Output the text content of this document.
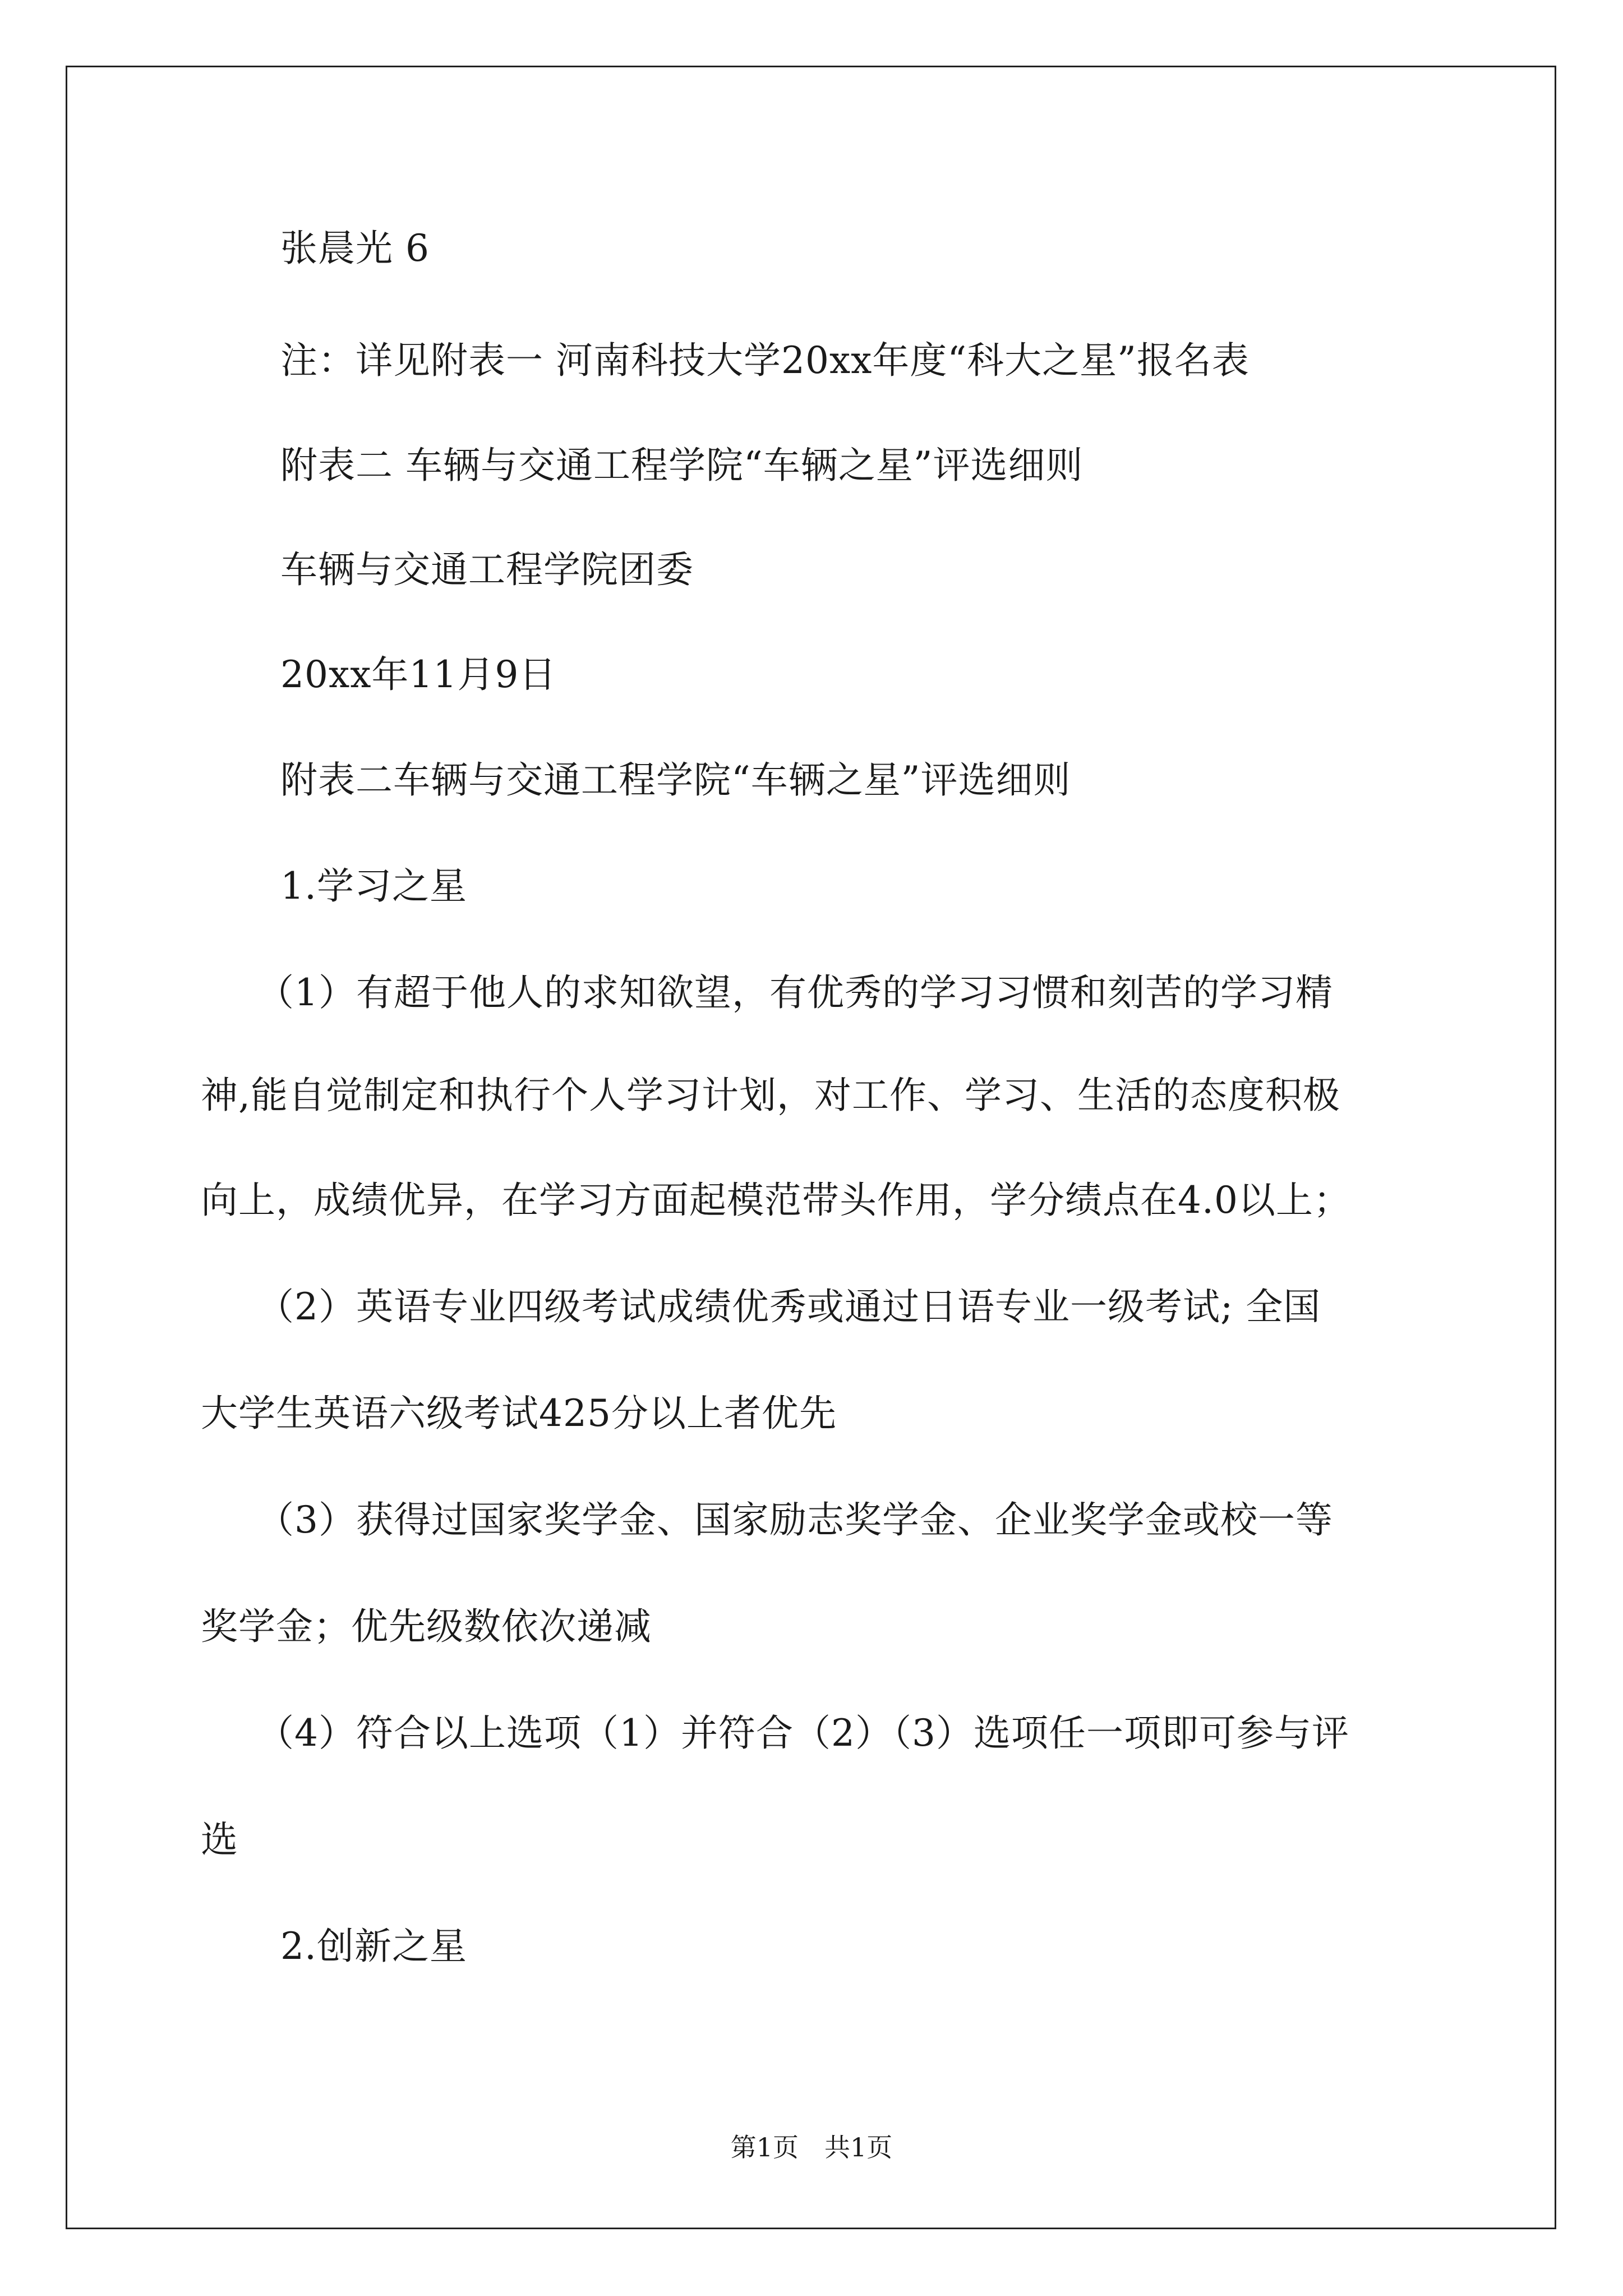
张晨光 6
注：详见附表一 河南科技大学20xx年度“科大之星”报名表
附表二 车辆与交通工程学院“车辆之星”评选细则
车辆与交通工程学院团委
20xx年11月9日
附表二车辆与交通工程学院“车辆之星”评选细则
1.学习之星
（1）有超于他人的求知欲望，有优秀的学习习惯和刻苦的学习精
神,能自觉制定和执行个人学习计划，对工作、学习、生活的态度积极
向上，成绩优异，在学习方面起模范带头作用，学分绩点在4.0以上；
（2）英语专业四级考试成绩优秀或通过日语专业一级考试; 全国
大学生英语六级考试425分以上者优先
（3）获得过国家奖学金、国家励志奖学金、企业奖学金或校一等
奖学金；优先级数依次递减
（4）符合以上选项（1）并符合（2）（3）选项任一项即可参与评
选
2.创新之星
第1页　共1页
